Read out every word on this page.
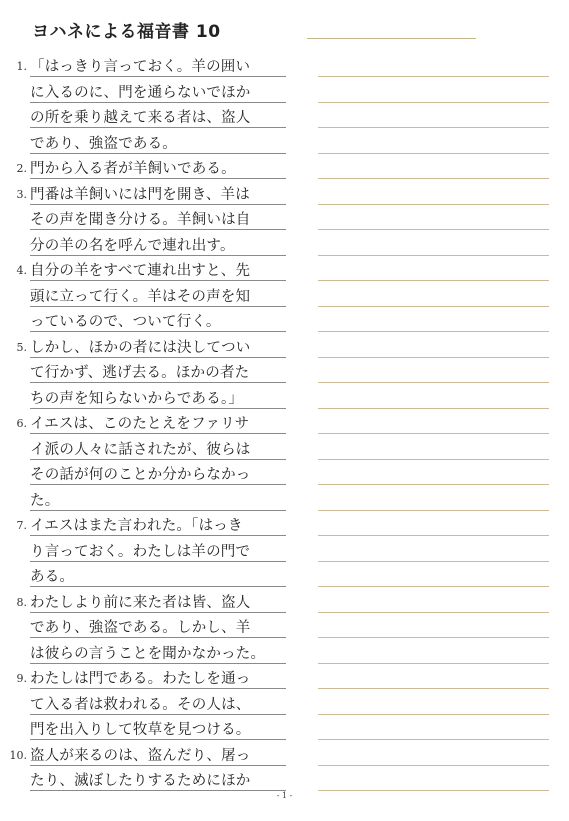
ヨハネによる福音書 10
1. 「はっきり言っておく。羊の囲い
に入るのに、門を通らないでほか
の所を乗り越えて来る者は、盗人
であり、強盗である。
2. 門から入る者が羊飼いである。
3. 門番は羊飼いには門を開き、羊は
その声を聞き分ける。羊飼いは自
分の羊の名を呼んで連れ出す。
4. 自分の羊をすべて連れ出すと、先
頭に立って行く。羊はその声を知
っているので、ついて行く。
5. しかし、ほかの者には決してつい
て行かず、逃げ去る。ほかの者た
ちの声を知らないからである。」
6. イエスは、このたとえをファリサ
イ派の人々に話されたが、彼らは
その話が何のことか分からなかっ
た。
7. イエスはまた言われた。「はっき
り言っておく。わたしは羊の門で
ある。
8. わたしより前に来た者は皆、盗人
であり、強盗である。しかし、羊
は彼らの言うことを聞かなかった。
9. わたしは門である。わたしを通っ
て入る者は救われる。その人は、
門を出入りして牧草を見つける。
10. 盗人が来るのは、盗んだり、屠っ
たり、滅ぼしたりするためにほか
- 1 -
